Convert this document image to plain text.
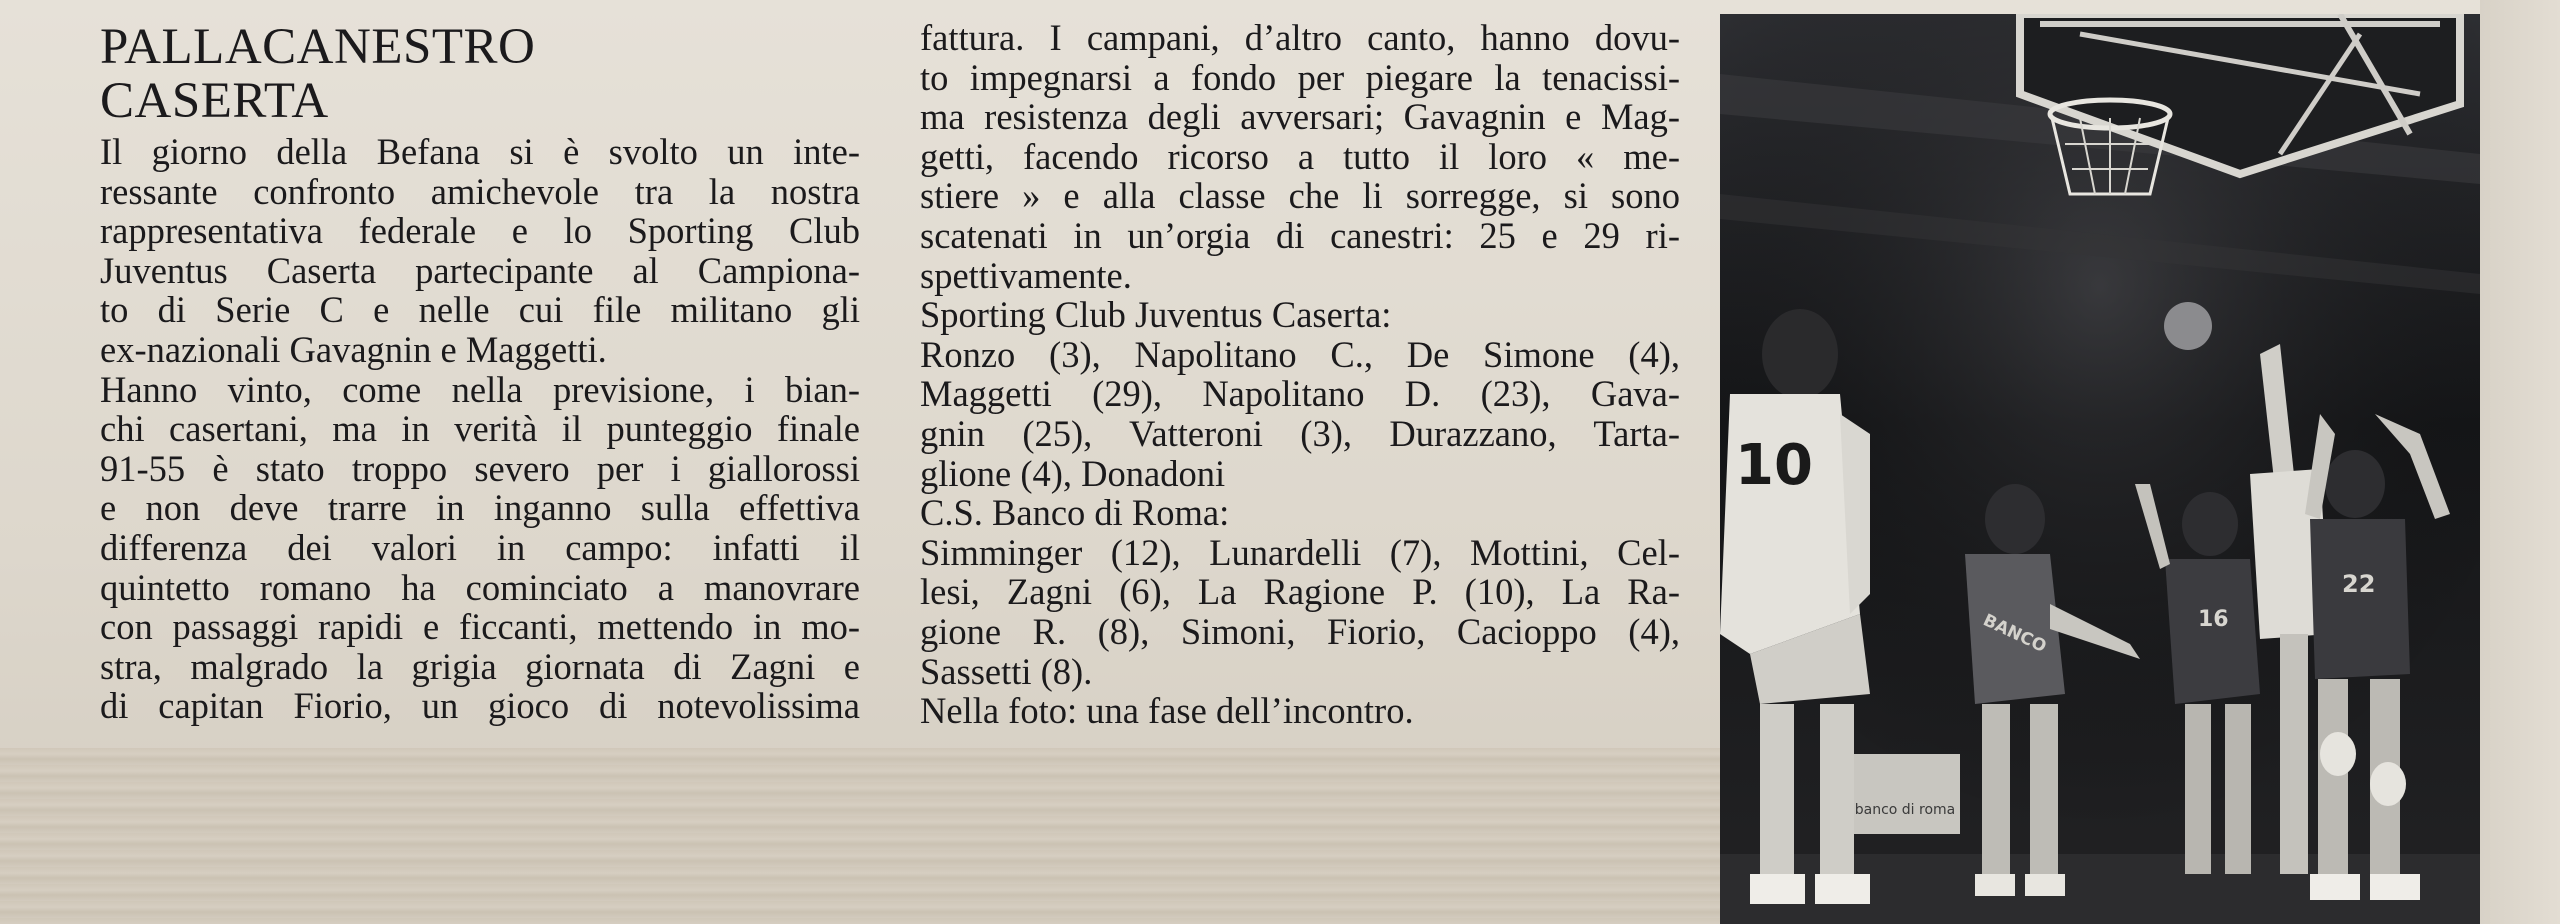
PALLACANESTRO
CASERTA
Il giorno della Befana si è svolto un inte-
ressante confronto amichevole tra la nostra
rappresentativa federale e lo Sporting Club
Juventus Caserta partecipante al Campiona-
to di Serie C e nelle cui file militano gli
ex-nazionali Gavagnin e Maggetti.
Hanno vinto, come nella previsione, i bian-
chi casertani, ma in verità il punteggio finale
91-55 è stato troppo severo per i giallorossi
e non deve trarre in inganno sulla effettiva
differenza dei valori in campo: infatti il
quintetto romano ha cominciato a manovrare
con passaggi rapidi e ficcanti, mettendo in mo-
stra, malgrado la grigia giornata di Zagni e
di capitan Fiorio, un gioco di notevolissima
fattura. I campani, d’altro canto, hanno dovu-
to impegnarsi a fondo per piegare la tenacissi-
ma resistenza degli avversari; Gavagnin e Mag-
getti, facendo ricorso a tutto il loro « me-
stiere » e alla classe che li sorregge, si sono
scatenati in un’orgia di canestri: 25 e 29 ri-
spettivamente.
Sporting Club Juventus Caserta:
Ronzo (3), Napolitano C., De Simone (4),
Maggetti (29), Napolitano D. (23), Gava-
gnin (25), Vatteroni (3), Durazzano, Tarta-
glione (4), Donadoni
C.S. Banco di Roma:
Simminger (12), Lunardelli (7), Mottini, Cel-
lesi, Zagni (6), La Ragione P. (10), La Ra-
gione R. (8), Simoni, Fiorio, Cacioppo (4),
Sassetti (8).
Nella foto: una fase dell’incontro.
banco di roma
10
BANCO	16
22
